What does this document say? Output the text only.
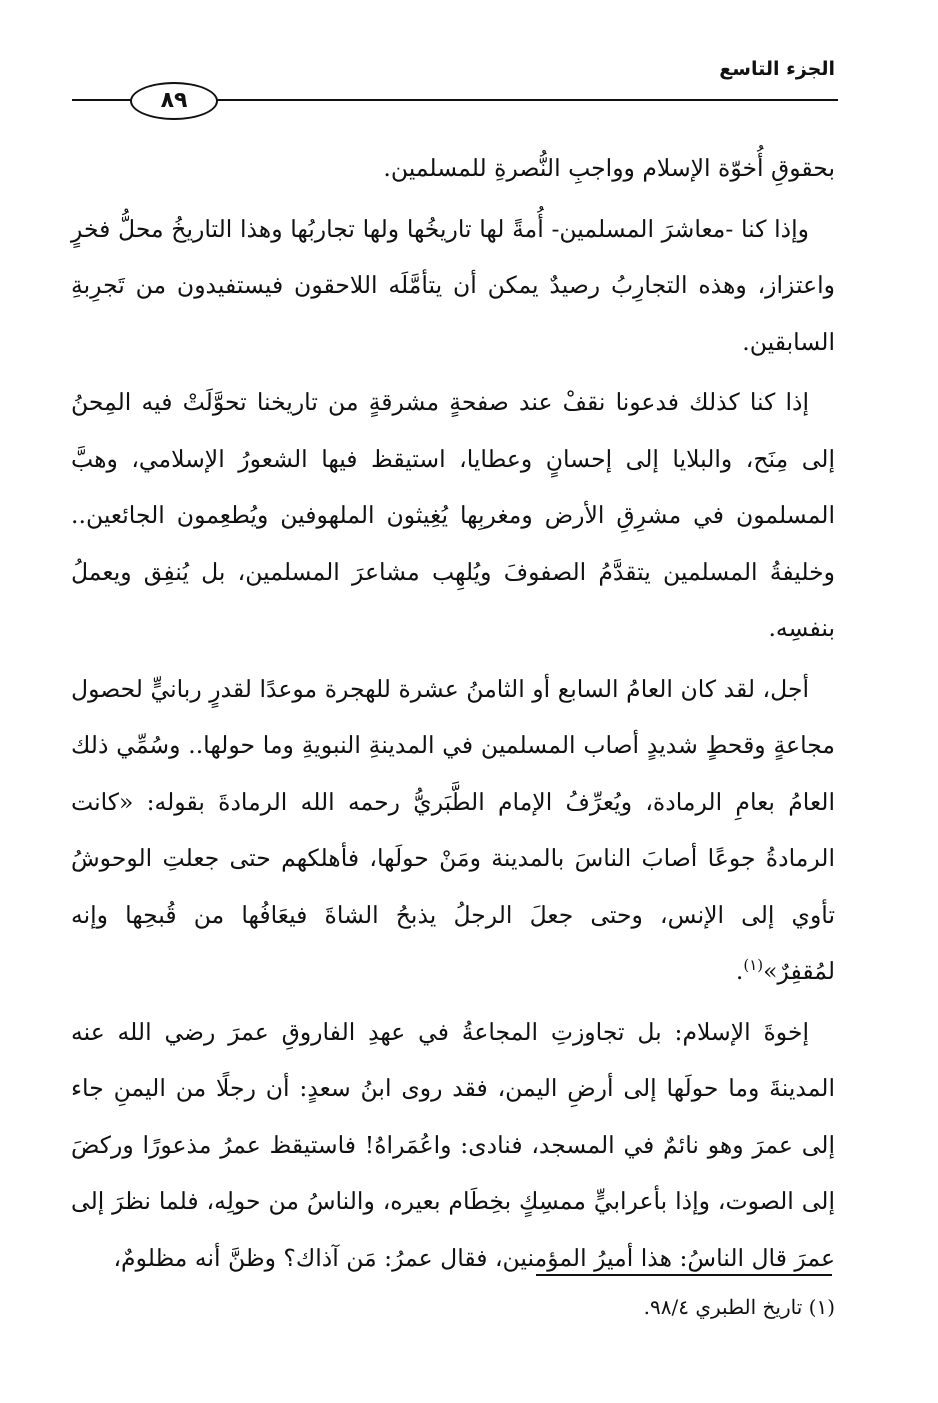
الجزء التاسع
٨٩

بحقوقِ أُخوّة الإسلام وواجبِ النُّصرةِ للمسلمين.

وإذا كنا -معاشرَ المسلمين- أُمةً لها تاريخُها ولها تجاربُها وهذا التاريخُ محلُّ فخرٍ واعتزاز، وهذه التجارِبُ رصيدٌ يمكن أن يتأمَّلَه اللاحقون فيستفيدون من تَجرِبةِ السابقين.

إذا كنا كذلك فدعونا نقفْ عند صفحةٍ مشرقةٍ من تاريخنا تحوَّلَتْ فيه المِحنُ إلى مِنَح، والبلايا إلى إحسانٍ وعطايا، استيقظ فيها الشعورُ الإسلامي، وهبَّ المسلمون في مشرِقِ الأرض ومغربِها يُغِيثون الملهوفين ويُطعِمون الجائعين.. وخليفةُ المسلمين يتقدَّمُ الصفوفَ ويُلهِب مشاعرَ المسلمين، بل يُنفِق ويعملُ بنفسِه.

أجل، لقد كان العامُ السابع أو الثامنُ عشرة للهجرة موعدًا لقدرٍ ربانيٍّ لحصول مجاعةٍ وقحطٍ شديدٍ أصاب المسلمين في المدينةِ النبويةِ وما حولها.. وسُمِّي ذلك العامُ بعامِ الرمادة، ويُعرِّفُ الإمام الطَّبَريُّ رحمه الله الرمادةَ بقوله: «كانت الرمادةُ جوعًا أصابَ الناسَ بالمدينة ومَنْ حولَها، فأهلكهم حتى جعلتِ الوحوشُ تأوي إلى الإنس، وحتى جعلَ الرجلُ يذبحُ الشاةَ فيعَافُها من قُبحِها وإنه لمُقفِرٌ»$^{(١)}$.

إخوةَ الإسلام: بل تجاوزتِ المجاعةُ في عهدِ الفاروقِ عمرَ رضي الله عنه المدينةَ وما حولَها إلى أرضِ اليمن، فقد روى ابنُ سعدٍ: أن رجلًا من اليمنِ جاء إلى عمرَ وهو نائمٌ في المسجد، فنادى: واعُمَراهُ! فاستيقظ عمرُ مذعورًا وركضَ إلى الصوت، وإذا بأعرابيٍّ ممسِكٍ بخِطَام بعيره، والناسُ من حولِه، فلما نظرَ إلى عمرَ قال الناسُ: هذا أميرُ المؤمنين، فقال عمرُ: مَن آذاك؟ وظنَّ أنه مظلومٌ،

(١) تاريخ الطبري ٩٨/٤.
